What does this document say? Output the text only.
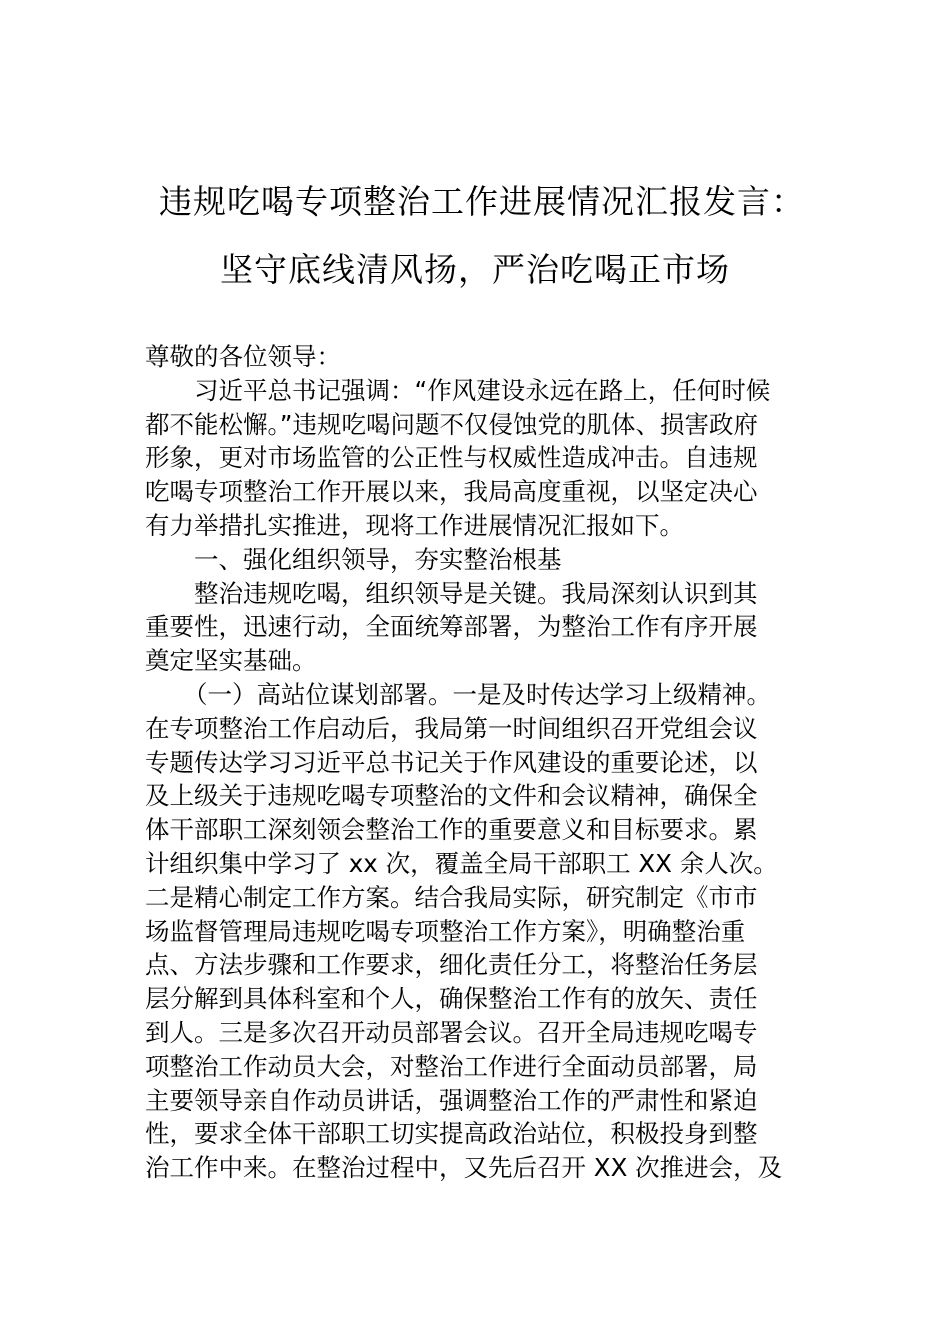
违规吃喝专项整治工作进展情况汇报发言：
坚守底线清风扬，严治吃喝正市场
尊敬的各位领导：
习近平总书记强调：“作风建设永远在路上，任何时候
都不能松懈。”违规吃喝问题不仅侵蚀党的肌体、损害政府
形象，更对市场监管的公正性与权威性造成冲击。自违规
吃喝专项整治工作开展以来，我局高度重视，以坚定决心
有力举措扎实推进，现将工作进展情况汇报如下。
一、强化组织领导，夯实整治根基
整治违规吃喝，组织领导是关键。我局深刻认识到其
重要性，迅速行动，全面统筹部署，为整治工作有序开展
奠定坚实基础。
（一）高站位谋划部署。一是及时传达学习上级精神。
在专项整治工作启动后，我局第一时间组织召开党组会议
专题传达学习习近平总书记关于作风建设的重要论述，以
及上级关于违规吃喝专项整治的文件和会议精神，确保全
体干部职工深刻领会整治工作的重要意义和目标要求。累
计组织集中学习了 xx 次，覆盖全局干部职工 XX 余人次。
二是精心制定工作方案。结合我局实际，研究制定《市市
场监督管理局违规吃喝专项整治工作方案》，明确整治重
点、方法步骤和工作要求，细化责任分工，将整治任务层
层分解到具体科室和个人，确保整治工作有的放矢、责任
到人。三是多次召开动员部署会议。召开全局违规吃喝专
项整治工作动员大会，对整治工作进行全面动员部署，局
主要领导亲自作动员讲话，强调整治工作的严肃性和紧迫
性，要求全体干部职工切实提高政治站位，积极投身到整
治工作中来。在整治过程中，又先后召开 XX 次推进会，及
